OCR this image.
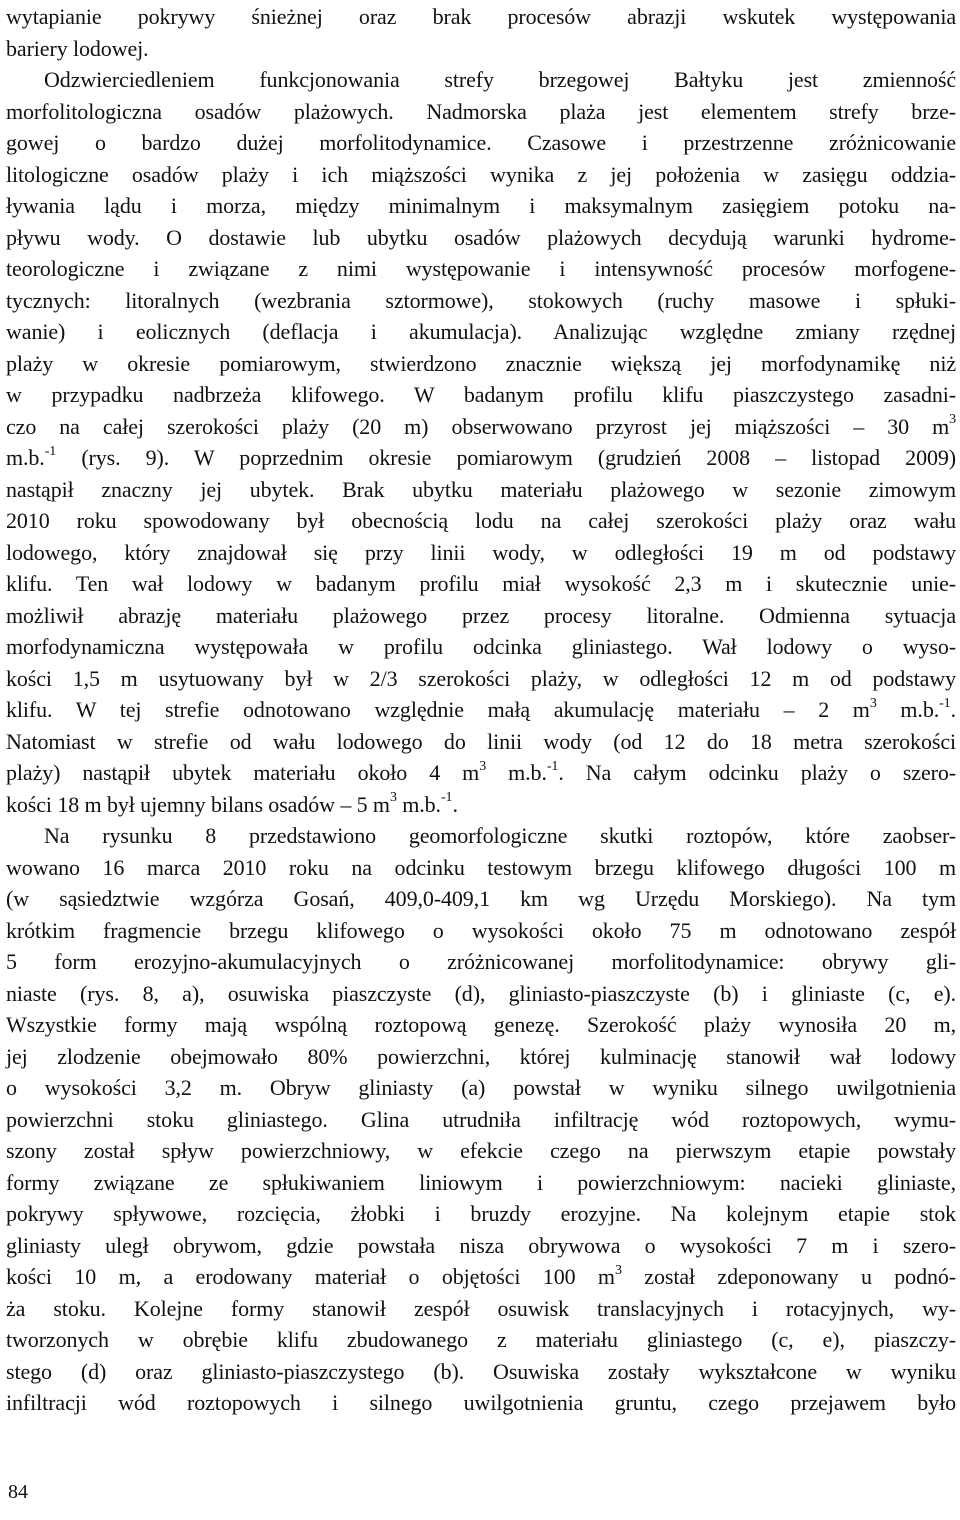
wytapianie pokrywy śnieżnej oraz brak procesów abrazji wskutek występowania
bariery lodowej.
Odzwierciedleniem funkcjonowania strefy brzegowej Bałtyku jest zmienność
morfolitologiczna osadów plażowych. Nadmorska plaża jest elementem strefy brze-
gowej o bardzo dużej morfolitodynamice. Czasowe i przestrzenne zróżnicowanie
litologiczne osadów plaży i ich miąższości wynika z jej położenia w zasięgu oddzia-
ływania lądu i morza, między minimalnym i maksymalnym zasięgiem potoku na-
pływu wody. O dostawie lub ubytku osadów plażowych decydują warunki hydrome-
teorologiczne i związane z nimi występowanie i intensywność procesów morfogene-
tycznych: litoralnych (wezbrania sztormowe), stokowych (ruchy masowe i spłuki-
wanie) i eolicznych (deflacja i akumulacja). Analizując względne zmiany rzędnej
plaży w okresie pomiarowym, stwierdzono znacznie większą jej morfodynamikę niż
w przypadku nadbrzeża klifowego. W badanym profilu klifu piaszczystego zasadni-
czo na całej szerokości plaży (20 m) obserwowano przyrost jej miąższości – 30 $m^3$
m.b.$^{-1}$ (rys. 9). W poprzednim okresie pomiarowym (grudzień 2008 – listopad 2009)
nastąpił znaczny jej ubytek. Brak ubytku materiału plażowego w sezonie zimowym
2010 roku spowodowany był obecnością lodu na całej szerokości plaży oraz wału
lodowego, który znajdował się przy linii wody, w odległości 19 m od podstawy
klifu. Ten wał lodowy w badanym profilu miał wysokość 2,3 m i skutecznie unie-
możliwił abrazję materiału plażowego przez procesy litoralne. Odmienna sytuacja
morfodynamiczna występowała w profilu odcinka gliniastego. Wał lodowy o wyso-
kości 1,5 m usytuowany był w 2/3 szerokości plaży, w odległości 12 m od podstawy
klifu. W tej strefie odnotowano względnie małą akumulację materiału – 2 $m^3$ m.b.$^{-1}$.
Natomiast w strefie od wału lodowego do linii wody (od 12 do 18 metra szerokości
plaży) nastąpił ubytek materiału około 4 $m^3$ m.b.$^{-1}$. Na całym odcinku plaży o szero-
kości 18 m był ujemny bilans osadów – 5 $m^3$ m.b.$^{-1}$.
Na rysunku 8 przedstawiono geomorfologiczne skutki roztopów, które zaobser-
wowano 16 marca 2010 roku na odcinku testowym brzegu klifowego długości 100 m
(w sąsiedztwie wzgórza Gosań, 409,0-409,1 km wg Urzędu Morskiego). Na tym
krótkim fragmencie brzegu klifowego o wysokości około 75 m odnotowano zespół
5 form erozyjno-akumulacyjnych o zróżnicowanej morfolitodynamice: obrywy gli-
niaste (rys. 8, a), osuwiska piaszczyste (d), gliniasto-piaszczyste (b) i gliniaste (c, e).
Wszystkie formy mają wspólną roztopową genezę. Szerokość plaży wynosiła 20 m,
jej zlodzenie obejmowało 80% powierzchni, której kulminację stanowił wał lodowy
o wysokości 3,2 m. Obryw gliniasty (a) powstał w wyniku silnego uwilgotnienia
powierzchni stoku gliniastego. Glina utrudniła infiltrację wód roztopowych, wymu-
szony został spływ powierzchniowy, w efekcie czego na pierwszym etapie powstały
formy związane ze spłukiwaniem liniowym i powierzchniowym: nacieki gliniaste,
pokrywy spływowe, rozcięcia, żłobki i bruzdy erozyjne. Na kolejnym etapie stok
gliniasty uległ obrywom, gdzie powstała nisza obrywowa o wysokości 7 m i szero-
kości 10 m, a erodowany materiał o objętości 100 $m^3$ został zdeponowany u podnó-
ża stoku. Kolejne formy stanowił zespół osuwisk translacyjnych i rotacyjnych, wy-
tworzonych w obrębie klifu zbudowanego z materiału gliniastego (c, e), piaszczy-
stego (d) oraz gliniasto-piaszczystego (b). Osuwiska zostały wykształcone w wyniku
infiltracji wód roztopowych i silnego uwilgotnienia gruntu, czego przejawem było
84
